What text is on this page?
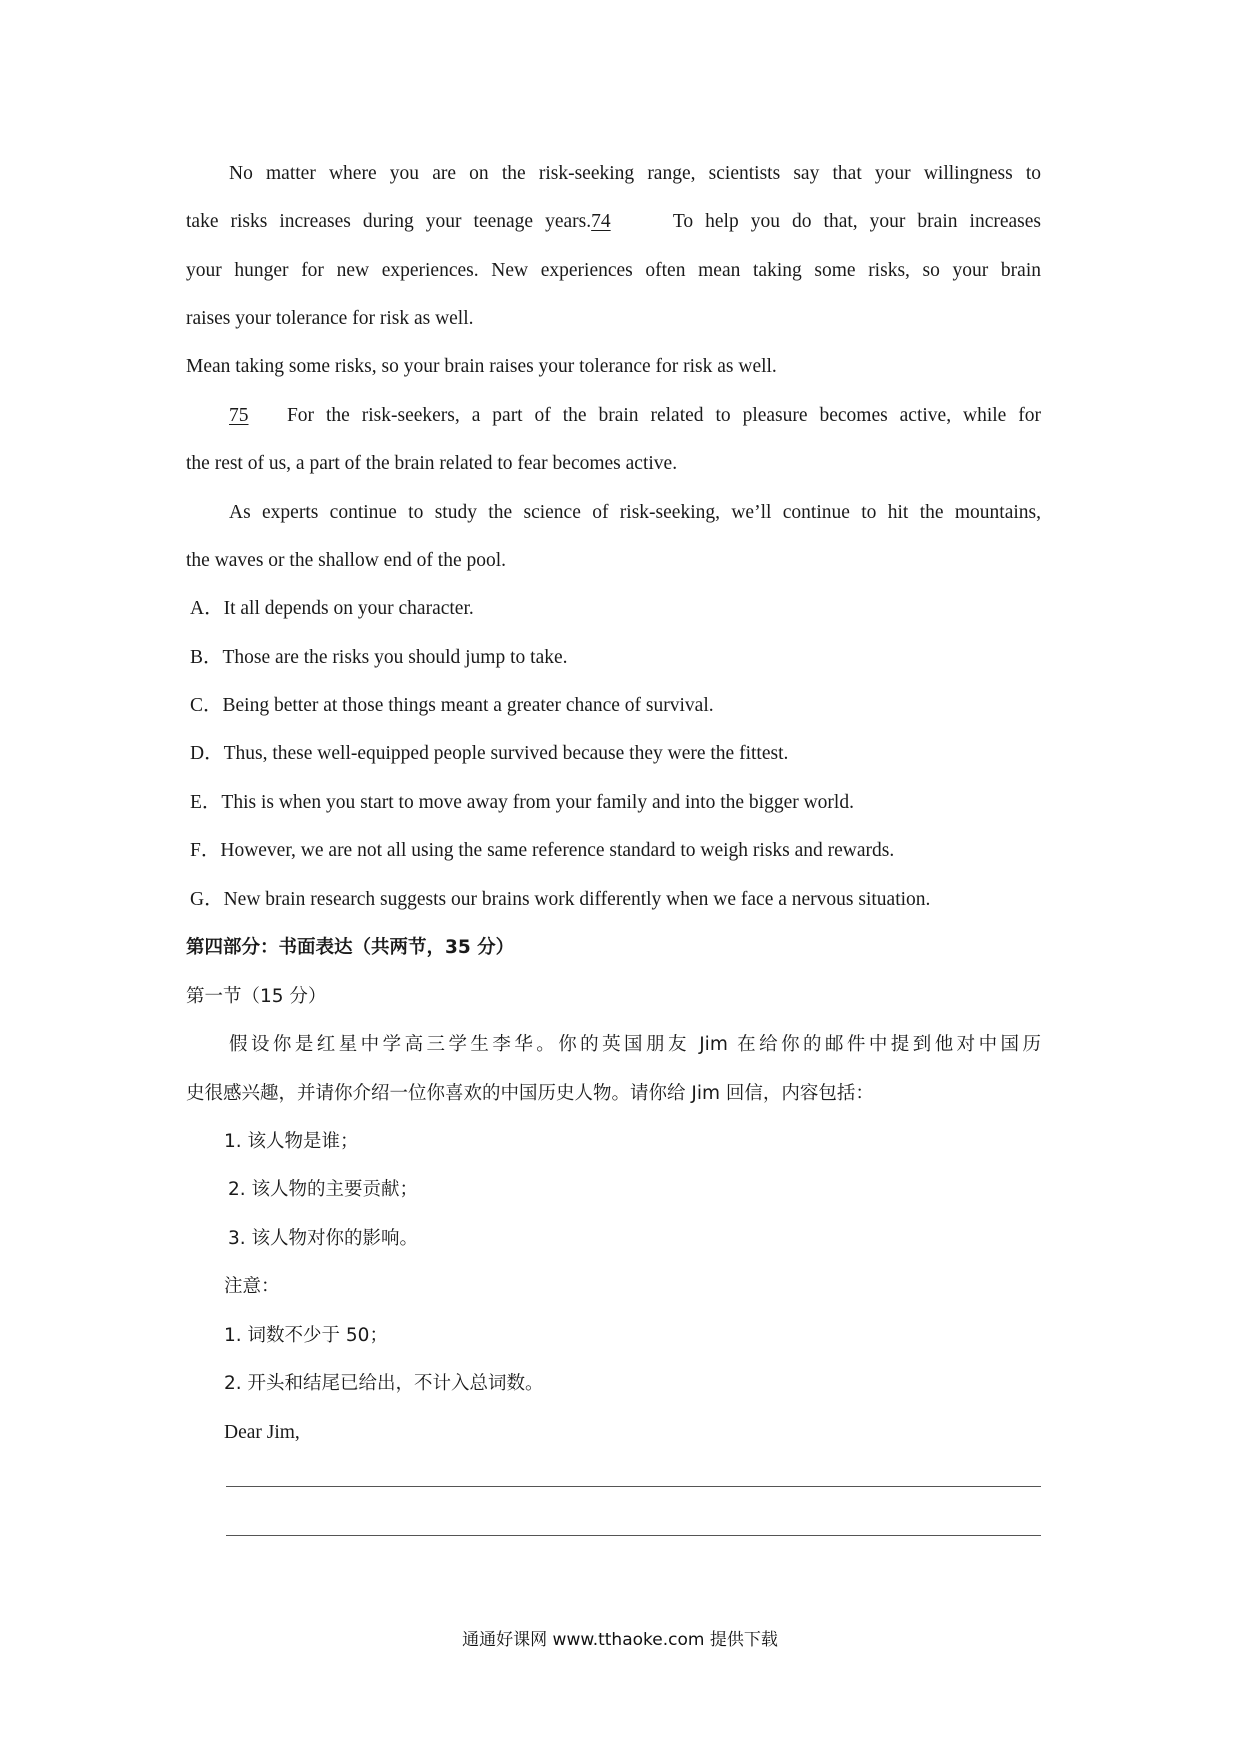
No matter where you are on the risk-seeking range, scientists say that your willingness to
take risks increases during your teenage years.74	To help you do that, your brain increases
your hunger for new experiences. New experiences often mean taking some risks, so your brain
raises your tolerance for risk as well.
Mean taking some risks, so your brain raises your tolerance for risk as well.
75 For the risk-seekers, a part of the brain related to pleasure becomes active, while for
the rest of us, a part of the brain related to fear becomes active.
As experts continue to study the science of risk-seeking, we’ll continue to hit the mountains,
the waves or the shallow end of the pool.
A．It all depends on your character.
B．Those are the risks you should jump to take.
C．Being better at those things meant a greater chance of survival.
D．Thus, these well-equipped people survived because they were the fittest.
E．This is when you start to move away from your family and into the bigger world.
F．However, we are not all using the same reference standard to weigh risks and rewards.
G．New brain research suggests our brains work differently when we face a nervous situation.
第四部分：书面表达（共两节，35 分）
第一节（15 分）
假设你是红星中学高三学生李华。你的英国朋友 Jim 在给你的邮件中提到他对中国历
史很感兴趣，并请你介绍一位你喜欢的中国历史人物。请你给 Jim 回信，内容包括：
1. 该人物是谁；
2. 该人物的主要贡献；
3. 该人物对你的影响。
注意：
1. 词数不少于 50；
2. 开头和结尾已给出，不计入总词数。
Dear Jim,
通通好课网 www.tthaoke.com 提供下载
